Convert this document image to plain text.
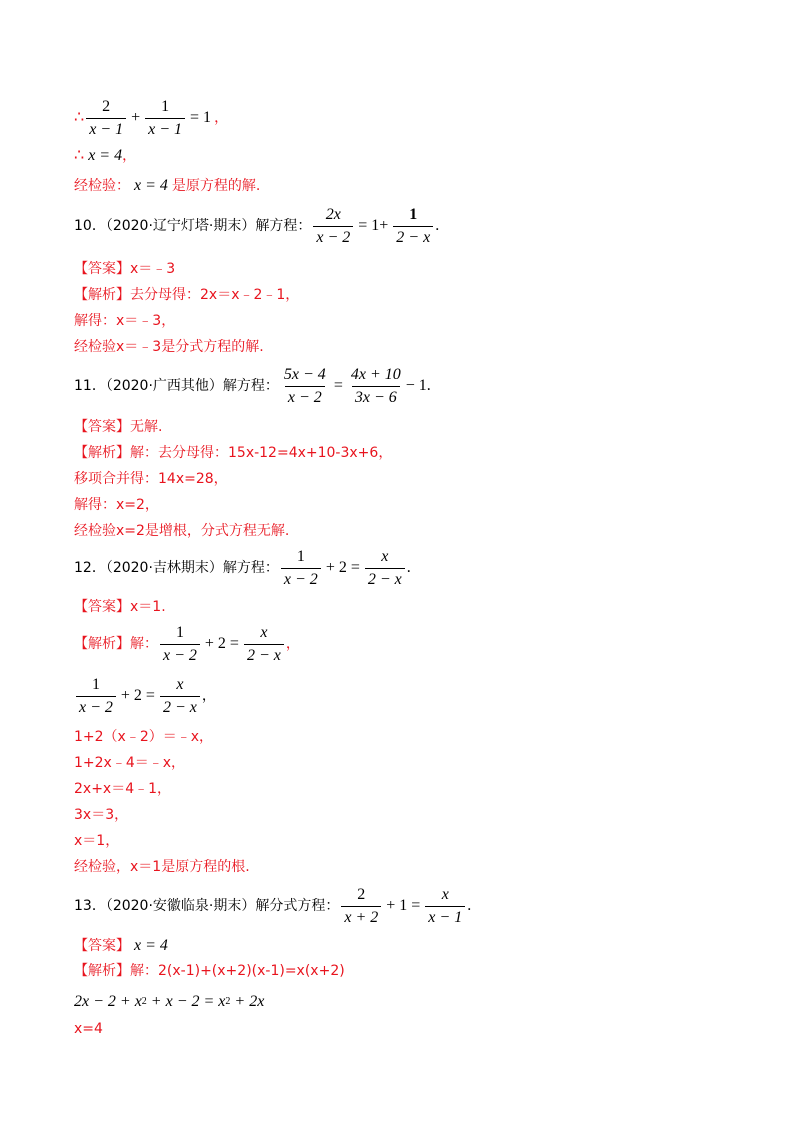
∴ $\frac{2}{x - 1} + \frac{1}{x - 1} = 1$ ，
∴ x = 4 ，
经检验： x = 4 是原方程的解.
10．（2020·辽宁灯塔·期末）解方程： $\frac{2x}{x - 2} = 1+ \frac{1}{2 - x}$ .
【答案】 x＝﹣3
【解析】 去分母得：2x＝x﹣2﹣1，
解得：x＝﹣3，
经检验x＝﹣3是分式方程的解.
11．（2020·广西其他）解方程： $\frac{5x - 4}{x - 2} = \frac{4x + 10}{3x - 6} - 1$.
【答案】 无解.
【解析】 解：去分母得：15x-12=4x+10-3x+6，
移项合并得：14x=28，
解得：x=2，
经检验x=2是增根，分式方程无解.
12．（2020·吉林期末）解方程： $\frac{1}{x - 2} + 2 = \frac{x}{2 - x}$ .
【答案】 x＝1.
【解析】 解： $\frac{1}{x - 2} + 2 = \frac{x}{2 - x}$ ，
$\frac{1}{x - 2} + 2 = \frac{x}{2 - x}$ ，
1+2（x﹣2）＝﹣x，
1+2x﹣4＝﹣x，
2x+x＝4﹣1，
3x＝3，
x＝1，
经检验，x＝1是原方程的根.
13．（2020·安徽临泉·期末）解分式方程： $\frac{2}{x + 2} + 1 = \frac{x}{x - 1}$ .
【答案】 x = 4
【解析】 解：2(x-1)+(x+2)(x-1)=x(x+2)
2x − 2 + x 2 + x − 2 = x 2 + 2x
x=4
